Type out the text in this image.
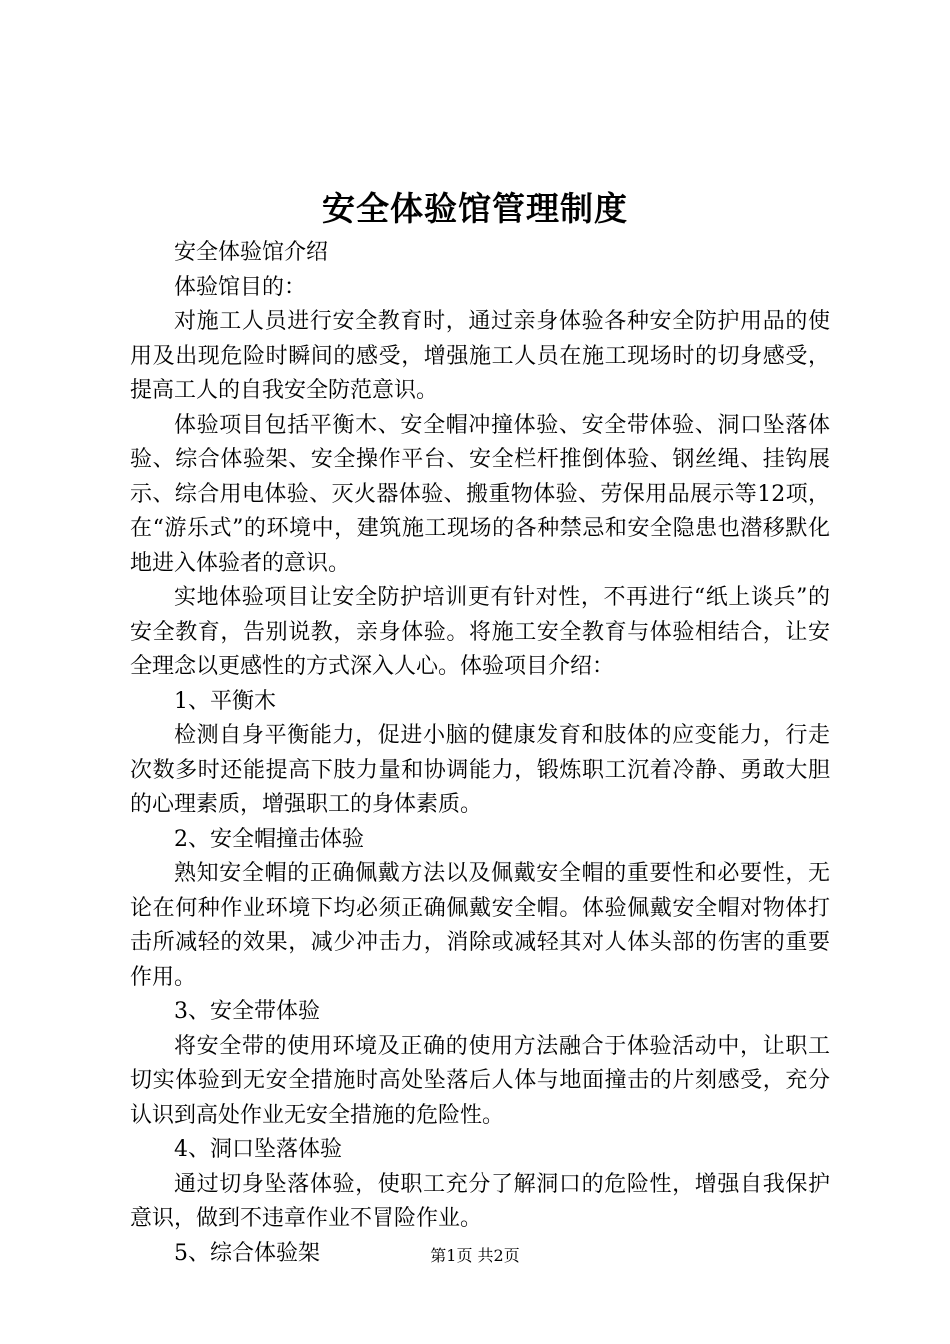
安全体验馆管理制度

安全体验馆介绍

体验馆目的：

对施工人员进行安全教育时，通过亲身体验各种安全防护用品的使用及出现危险时瞬间的感受，增强施工人员在施工现场时的切身感受，提高工人的自我安全防范意识。

体验项目包括平衡木、安全帽冲撞体验、安全带体验、洞口坠落体验、综合体验架、安全操作平台、安全栏杆推倒体验、钢丝绳、挂钩展示、综合用电体验、灭火器体验、搬重物体验、劳保用品展示等12项，在“游乐式”的环境中，建筑施工现场的各种禁忌和安全隐患也潜移默化地进入体验者的意识。

实地体验项目让安全防护培训更有针对性，不再进行“纸上谈兵”的安全教育，告别说教，亲身体验。将施工安全教育与体验相结合，让安全理念以更感性的方式深入人心。体验项目介绍：

1、平衡木

检测自身平衡能力，促进小脑的健康发育和肢体的应变能力，行走次数多时还能提高下肢力量和协调能力，锻炼职工沉着冷静、勇敢大胆的心理素质，增强职工的身体素质。

2、安全帽撞击体验

熟知安全帽的正确佩戴方法以及佩戴安全帽的重要性和必要性，无论在何种作业环境下均必须正确佩戴安全帽。体验佩戴安全帽对物体打击所减轻的效果，减少冲击力，消除或减轻其对人体头部的伤害的重要作用。

3、安全带体验

将安全带的使用环境及正确的使用方法融合于体验活动中，让职工切实体验到无安全措施时高处坠落后人体与地面撞击的片刻感受，充分认识到高处作业无安全措施的危险性。

4、洞口坠落体验

通过切身坠落体验，使职工充分了解洞口的危险性，增强自我保护意识，做到不违章作业不冒险作业。

5、综合体验架	第1页 共2页
